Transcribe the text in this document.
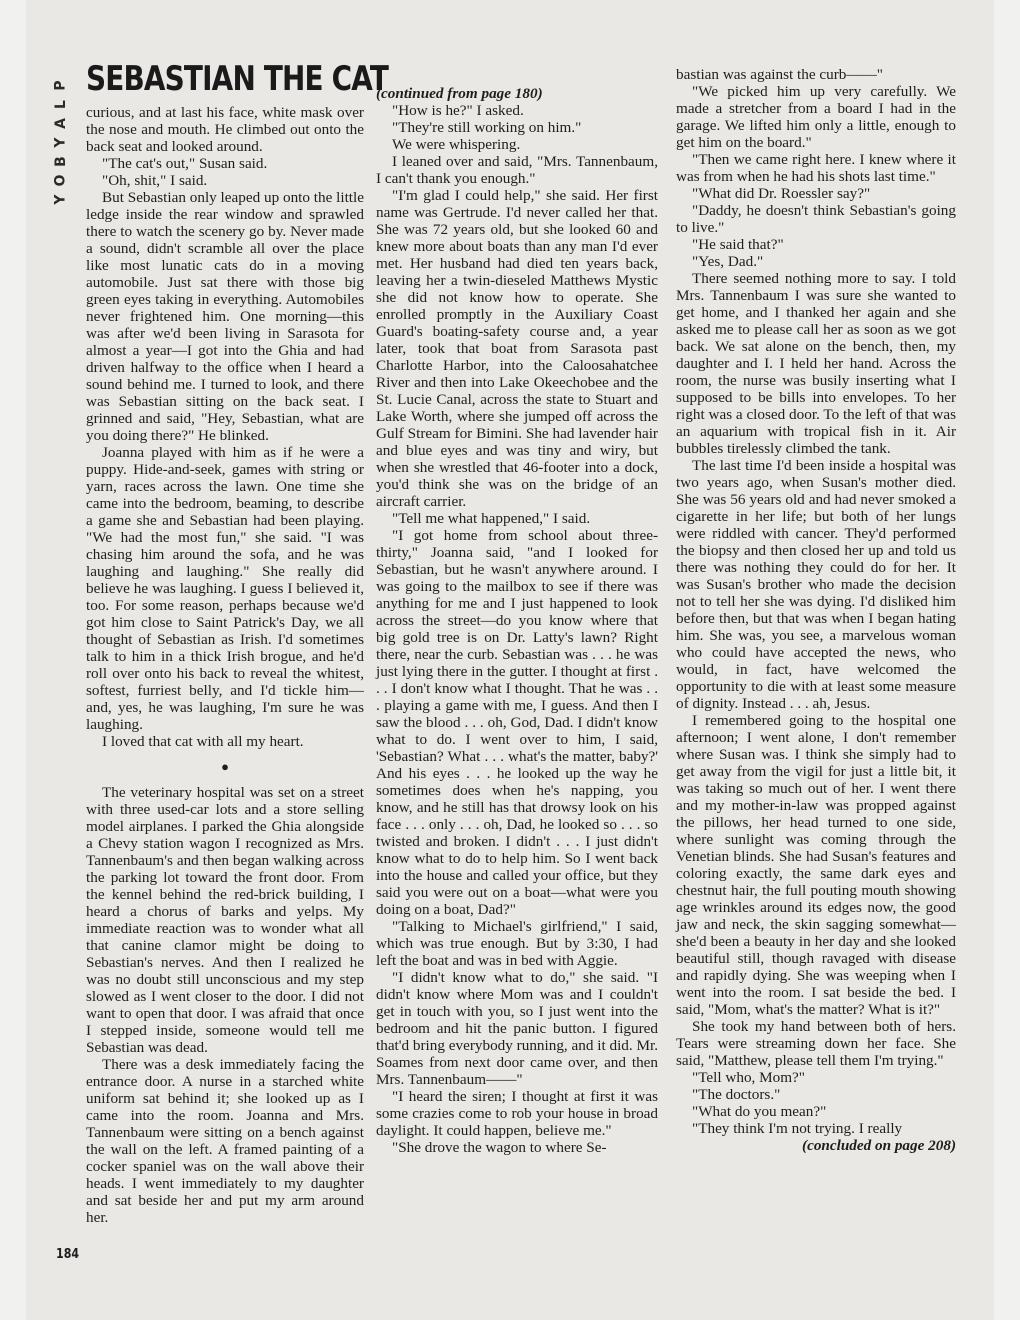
P
L
A
Y
B
O
Y
SEBASTIAN THE CAT

curious, and at last his face, white mask over the nose and mouth. He climbed out onto the back seat and looked around.

"The cat's out," Susan said.

"Oh, shit," I said.

But Sebastian only leaped up onto the little ledge inside the rear window and sprawled there to watch the scenery go by. Never made a sound, didn't scramble all over the place like most lunatic cats do in a moving automobile. Just sat there with those big green eyes taking in everything. Automobiles never frightened him. One morning—this was after we'd been living in Sarasota for almost a year—I got into the Ghia and had driven halfway to the office when I heard a sound behind me. I turned to look, and there was Sebastian sitting on the back seat. I grinned and said, "Hey, Sebastian, what are you doing there?" He blinked.

Joanna played with him as if he were a puppy. Hide-and-seek, games with string or yarn, races across the lawn. One time she came into the bedroom, beaming, to describe a game she and Sebastian had been playing. "We had the most fun," she said. "I was chasing him around the sofa, and he was laughing and laughing." She really did believe he was laughing. I guess I believed it, too. For some reason, perhaps because we'd got him close to Saint Patrick's Day, we all thought of Sebastian as Irish. I'd sometimes talk to him in a thick Irish brogue, and he'd roll over onto his back to reveal the whitest, softest, furriest belly, and I'd tickle him—and, yes, he was laughing, I'm sure he was laughing.

I loved that cat with all my heart.

●

The veterinary hospital was set on a street with three used-car lots and a store selling model airplanes. I parked the Ghia alongside a Chevy station wagon I recognized as Mrs. Tannenbaum's and then began walking across the parking lot toward the front door. From the kennel behind the red-brick building, I heard a chorus of barks and yelps. My immediate reaction was to wonder what all that canine clamor might be doing to Sebastian's nerves. And then I realized he was no doubt still unconscious and my step slowed as I went closer to the door. I did not want to open that door. I was afraid that once I stepped inside, someone would tell me Sebastian was dead.

There was a desk immediately facing the entrance door. A nurse in a starched white uniform sat behind it; she looked up as I came into the room. Joanna and Mrs. Tannenbaum were sitting on a bench against the wall on the left. A framed painting of a cocker spaniel was on the wall above their heads. I went immediately to my daughter and sat beside her and put my arm around her.

(continued from page 180)

"How is he?" I asked.

"They're still working on him."

We were whispering.

I leaned over and said, "Mrs. Tannenbaum, I can't thank you enough."

"I'm glad I could help," she said. Her first name was Gertrude. I'd never called her that. She was 72 years old, but she looked 60 and knew more about boats than any man I'd ever met. Her husband had died ten years back, leaving her a twin-dieseled Matthews Mystic she did not know how to operate. She enrolled promptly in the Auxiliary Coast Guard's boating-safety course and, a year later, took that boat from Sarasota past Charlotte Harbor, into the Caloosahatchee River and then into Lake Okeechobee and the St. Lucie Canal, across the state to Stuart and Lake Worth, where she jumped off across the Gulf Stream for Bimini. She had lavender hair and blue eyes and was tiny and wiry, but when she wrestled that 46-footer into a dock, you'd think she was on the bridge of an aircraft carrier.

"Tell me what happened," I said.

"I got home from school about three-thirty," Joanna said, "and I looked for Sebastian, but he wasn't anywhere around. I was going to the mailbox to see if there was anything for me and I just happened to look across the street—do you know where that big gold tree is on Dr. Latty's lawn? Right there, near the curb. Sebastian was . . . he was just lying there in the gutter. I thought at first . . . I don't know what I thought. That he was . . . playing a game with me, I guess. And then I saw the blood . . . oh, God, Dad. I didn't know what to do. I went over to him, I said, 'Sebastian? What . . . what's the matter, baby?' And his eyes . . . he looked up the way he sometimes does when he's napping, you know, and he still has that drowsy look on his face . . . only . . . oh, Dad, he looked so . . . so twisted and broken. I didn't . . . I just didn't know what to do to help him. So I went back into the house and called your office, but they said you were out on a boat—what were you doing on a boat, Dad?"

"Talking to Michael's girlfriend," I said, which was true enough. But by 3:30, I had left the boat and was in bed with Aggie.

"I didn't know what to do," she said. "I didn't know where Mom was and I couldn't get in touch with you, so I just went into the bedroom and hit the panic button. I figured that'd bring everybody running, and it did. Mr. Soames from next door came over, and then Mrs. Tannenbaum——"

"I heard the siren; I thought at first it was some crazies come to rob your house in broad daylight. It could happen, believe me."

"She drove the wagon to where Se-

bastian was against the curb——"

"We picked him up very carefully. We made a stretcher from a board I had in the garage. We lifted him only a little, enough to get him on the board."

"Then we came right here. I knew where it was from when he had his shots last time."

"What did Dr. Roessler say?"

"Daddy, he doesn't think Sebastian's going to live."

"He said that?"

"Yes, Dad."

There seemed nothing more to say. I told Mrs. Tannenbaum I was sure she wanted to get home, and I thanked her again and she asked me to please call her as soon as we got back. We sat alone on the bench, then, my daughter and I. I held her hand. Across the room, the nurse was busily inserting what I supposed to be bills into envelopes. To her right was a closed door. To the left of that was an aquarium with tropical fish in it. Air bubbles tirelessly climbed the tank.

The last time I'd been inside a hospital was two years ago, when Susan's mother died. She was 56 years old and had never smoked a cigarette in her life; but both of her lungs were riddled with cancer. They'd performed the biopsy and then closed her up and told us there was nothing they could do for her. It was Susan's brother who made the decision not to tell her she was dying. I'd disliked him before then, but that was when I began hating him. She was, you see, a marvelous woman who could have accepted the news, who would, in fact, have welcomed the opportunity to die with at least some measure of dignity. Instead . . . ah, Jesus.

I remembered going to the hospital one afternoon; I went alone, I don't remember where Susan was. I think she simply had to get away from the vigil for just a little bit, it was taking so much out of her. I went there and my mother-in-law was propped against the pillows, her head turned to one side, where sunlight was coming through the Venetian blinds. She had Susan's features and coloring exactly, the same dark eyes and chestnut hair, the full pouting mouth showing age wrinkles around its edges now, the good jaw and neck, the skin sagging somewhat—she'd been a beauty in her day and she looked beautiful still, though ravaged with disease and rapidly dying. She was weeping when I went into the room. I sat beside the bed. I said, "Mom, what's the matter? What is it?"

She took my hand between both of hers. Tears were streaming down her face. She said, "Matthew, please tell them I'm trying."

"Tell who, Mom?"

"The doctors."

"What do you mean?"

"They think I'm not trying. I really

(concluded on page 208)

184
